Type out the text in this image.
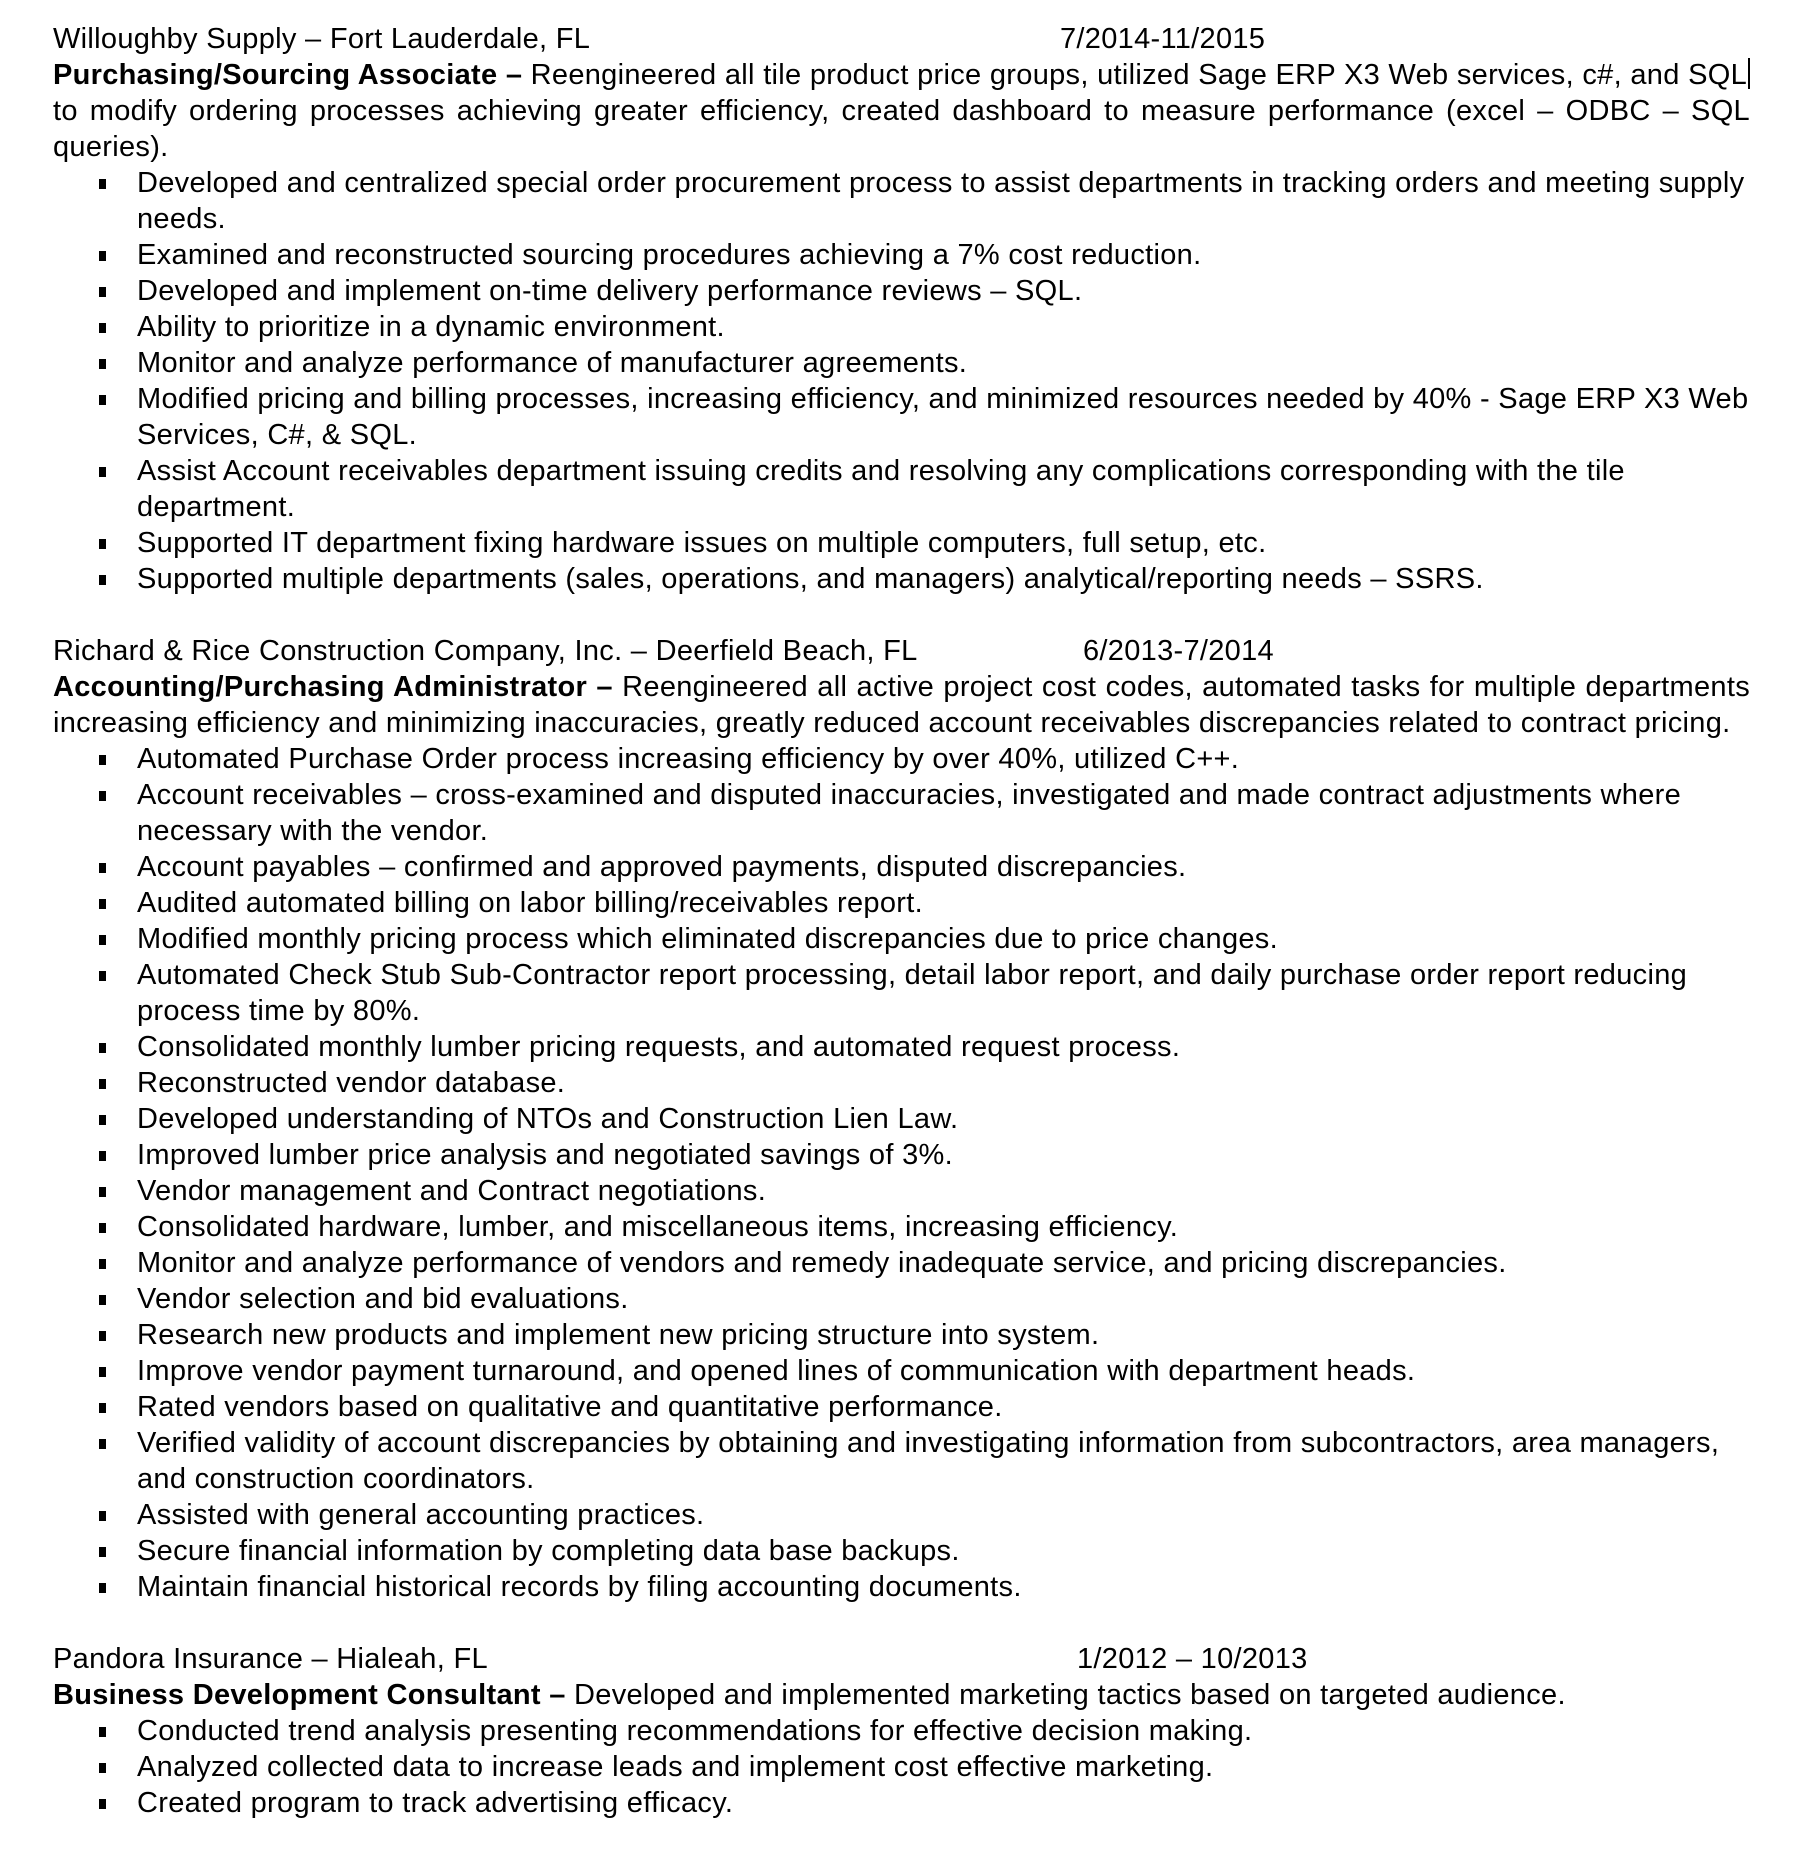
Willoughby Supply – Fort Lauderdale, FL	7/2014-11/2015

Purchasing/Sourcing Associate – Reengineered all tile product price groups, utilized Sage ERP X3 Web services, c#, and SQL to modify ordering processes achieving greater efficiency, created dashboard to measure performance (excel – ODBC – SQL queries).

Developed and centralized special order procurement process to assist departments in tracking orders and meeting supply needs.
Examined and reconstructed sourcing procedures achieving a 7% cost reduction.
Developed and implement on-time delivery performance reviews – SQL.
Ability to prioritize in a dynamic environment.
Monitor and analyze performance of manufacturer agreements.
Modified pricing and billing processes, increasing efficiency, and minimized resources needed by 40% - Sage ERP X3 Web Services, C#, & SQL.
Assist Account receivables department issuing credits and resolving any complications corresponding with the tile department.
Supported IT department fixing hardware issues on multiple computers, full setup, etc.
Supported multiple departments (sales, operations, and managers) analytical/reporting needs – SSRS.
Richard & Rice Construction Company, Inc. – Deerfield Beach, FL	6/2013-7/2014

Accounting/Purchasing Administrator – Reengineered all active project cost codes, automated tasks for multiple departments increasing efficiency and minimizing inaccuracies, greatly reduced account receivables discrepancies related to contract pricing.

Automated Purchase Order process increasing efficiency by over 40%, utilized C++.
Account receivables – cross-examined and disputed inaccuracies, investigated and made contract adjustments where necessary with the vendor.
Account payables – confirmed and approved payments, disputed discrepancies.
Audited automated billing on labor billing/receivables report.
Modified monthly pricing process which eliminated discrepancies due to price changes.
Automated Check Stub Sub-Contractor report processing, detail labor report, and daily purchase order report reducing process time by 80%.
Consolidated monthly lumber pricing requests, and automated request process.
Reconstructed vendor database.
Developed understanding of NTOs and Construction Lien Law.
Improved lumber price analysis and negotiated savings of 3%.
Vendor management and Contract negotiations.
Consolidated hardware, lumber, and miscellaneous items, increasing efficiency.
Monitor and analyze performance of vendors and remedy inadequate service, and pricing discrepancies.
Vendor selection and bid evaluations.
Research new products and implement new pricing structure into system.
Improve vendor payment turnaround, and opened lines of communication with department heads.
Rated vendors based on qualitative and quantitative performance.
Verified validity of account discrepancies by obtaining and investigating information from subcontractors, area managers, and construction coordinators.
Assisted with general accounting practices.
Secure financial information by completing data base backups.
Maintain financial historical records by filing accounting documents.
Pandora Insurance – Hialeah, FL	1/2012 – 10/2013

Business Development Consultant – Developed and implemented marketing tactics based on targeted audience.

Conducted trend analysis presenting recommendations for effective decision making.
Analyzed collected data to increase leads and implement cost effective marketing.
Created program to track advertising efficacy.
